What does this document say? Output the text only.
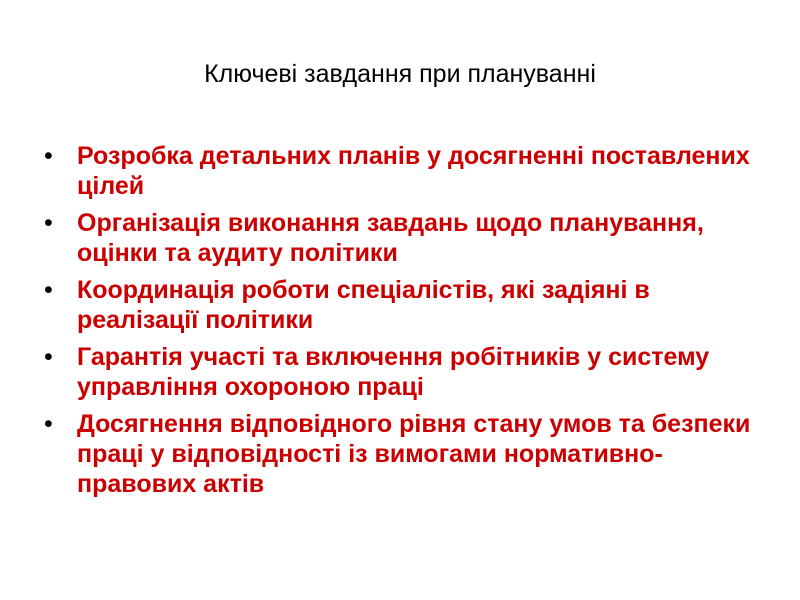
Ключеві завдання при плануванні
• Розробка детальних планів у досягненні поставлених цілей
• Організація виконання завдань щодо планування, оцінки та аудиту політики
• Координація роботи спеціалістів, які задіяні в реалізації політики
• Гарантія участі та включення робітників у систему управління охороною праці
• Досягнення відповідного рівня стану умов та безпеки праці у відповідності із вимогами нормативно-правових актів
